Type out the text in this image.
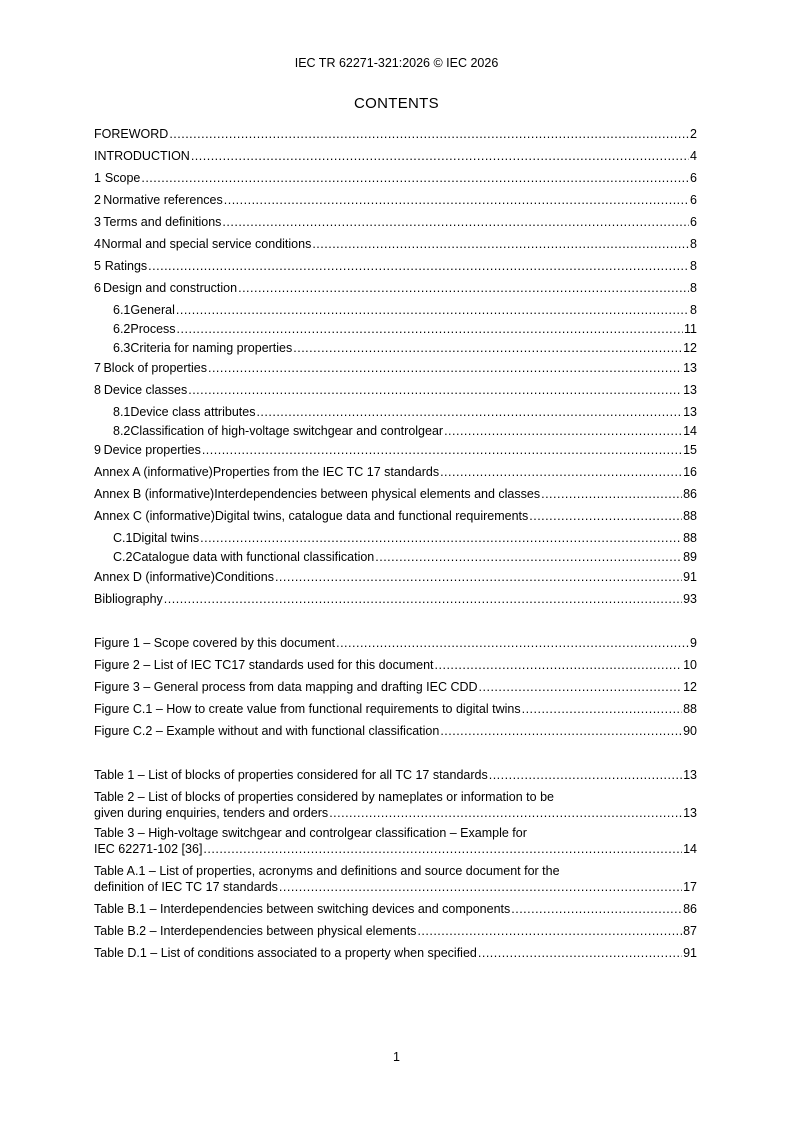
IEC TR 62271-321:2026 © IEC 2026
CONTENTS
FOREWORD .....	2
INTRODUCTION .....	4
1 Scope .....	6
2 Normative references .....	6
3 Terms and definitions .....	6
4 Normal and special service conditions .....	8
5 Ratings .....	8
6 Design and construction .....	8
6.1 General .....	8
6.2 Process .....	11
6.3 Criteria for naming properties .....	12
7 Block of properties .....	13
8 Device classes .....	13
8.1 Device class attributes .....	13
8.2 Classification of high-voltage switchgear and controlgear .....	14
9 Device properties .....	15
Annex A (informative) Properties from the IEC TC 17 standards .....	16
Annex B (informative) Interdependencies between physical elements and classes .....	86
Annex C (informative) Digital twins, catalogue data and functional requirements .....	88
C.1 Digital twins .....	88
C.2 Catalogue data with functional classification .....	89
Annex D (informative) Conditions .....	91
Bibliography .....	93
Figure 1 – Scope covered by this document .....	9
Figure 2 – List of IEC TC17 standards used for this document .....	10
Figure 3 – General process from data mapping and drafting IEC CDD .....	12
Figure C.1 – How to create value from functional requirements to digital twins .....	88
Figure C.2 – Example without and with functional classification .....	90
Table 1 – List of blocks of properties considered for all TC 17 standards .....	13
Table 2 – List of blocks of properties considered by nameplates or information to be
given during enquiries, tenders and orders .....	13
Table 3 – High-voltage switchgear and controlgear classification – Example for
IEC 62271-102 [36] .....	14
Table A.1 – List of properties, acronyms and definitions and source document for the
definition of IEC TC 17 standards .....	17
Table B.1 – Interdependencies between switching devices and components .....	86
Table B.2 – Interdependencies between physical elements .....	87
Table D.1 – List of conditions associated to a property when specified .....	91
1
